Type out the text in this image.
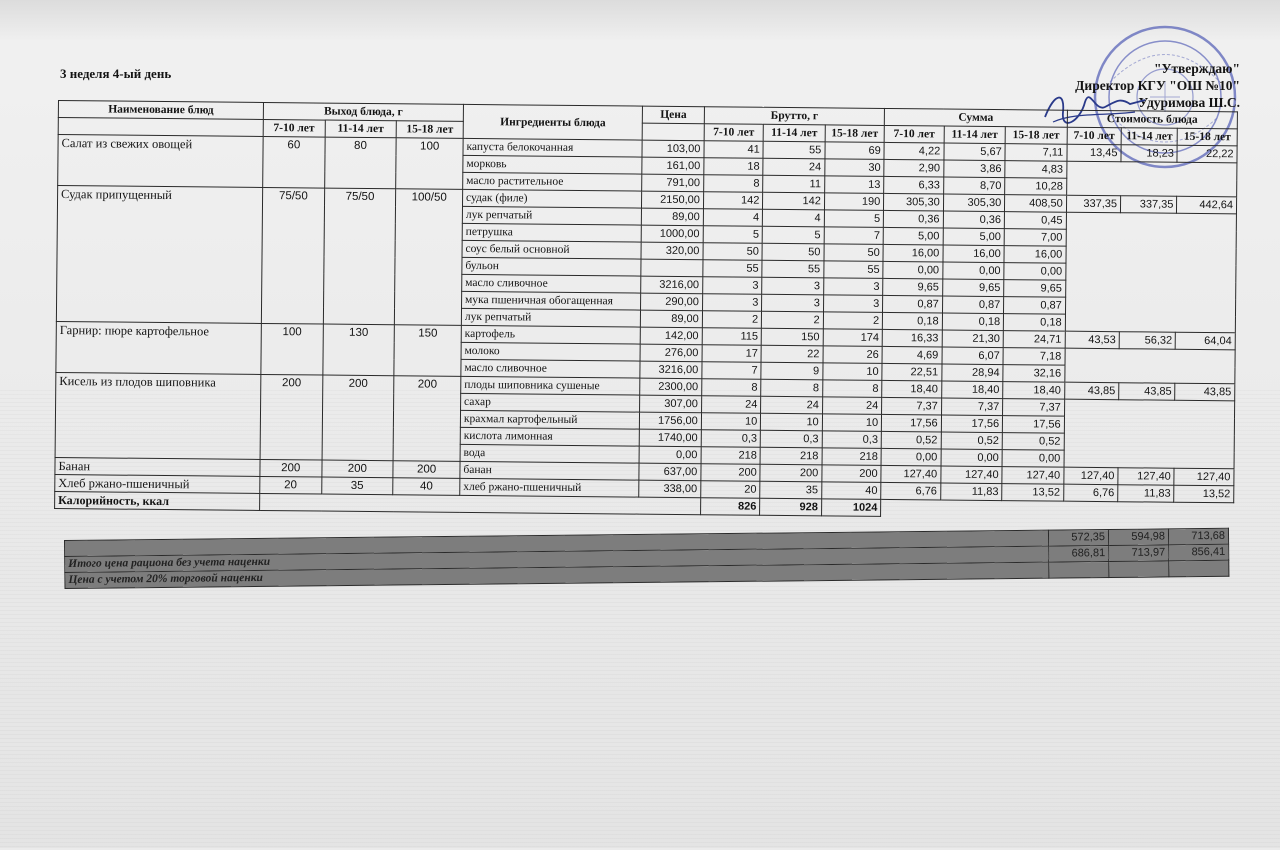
3 неделя 4-ый день	"Утверждаю"
Директор КГУ "ОШ №10"
Удуримова Ш.С.
Наименование блюд	Выход блюда, г			Ингредиенты блюда	Цена	Брутто, г			Сумма			Стоимость блюда		
	7-10 лет	11-14 лет	15-18 лет			7-10 лет	11-14 лет	15-18 лет	7-10 лет	11-14 лет	15-18 лет	7-10 лет	11-14 лет	15-18 лет
Салат из свежих овощей	60	80	100	капуста белокочанная	103,00	41	55	69	4,22	5,67	7,11	13,45	18,23	22,22
				морковь	161,00	18	24	30	2,90	3,86	4,83			
				масло растительное	791,00	8	11	13	6,33	8,70	10,28			
Судак припущенный	75/50	75/50	100/50	судак (филе)	2150,00	142	142	190	305,30	305,30	408,50	337,35	337,35	442,64
				лук репчатый	89,00	4	4	5	0,36	0,36	0,45			
				петрушка	1000,00	5	5	7	5,00	5,00	7,00			
				соус белый основной	320,00	50	50	50	16,00	16,00	16,00			
				бульон		55	55	55	0,00	0,00	0,00			
				масло сливочное	3216,00	3	3	3	9,65	9,65	9,65			
				мука пшеничная обогащенная	290,00	3	3	3	0,87	0,87	0,87			
				лук репчатый	89,00	2	2	2	0,18	0,18	0,18			
Гарнир: пюре картофельное	100	130	150	картофель	142,00	115	150	174	16,33	21,30	24,71	43,53	56,32	64,04
				молоко	276,00	17	22	26	4,69	6,07	7,18			
				масло сливочное	3216,00	7	9	10	22,51	28,94	32,16			
Кисель из плодов шиповника	200	200	200	плоды шиповника сушеные	2300,00	8	8	8	18,40	18,40	18,40	43,85	43,85	43,85
				сахар	307,00	24	24	24	7,37	7,37	7,37			
				крахмал картофельный	1756,00	10	10	10	17,56	17,56	17,56			
				кислота лимонная	1740,00	0,3	0,3	0,3	0,52	0,52	0,52			
				вода	0,00	218	218	218	0,00	0,00	0,00			
Банан	200	200	200	банан	637,00	200	200	200	127,40	127,40	127,40	127,40	127,40	127,40
Хлеб ржано-пшеничный	20	35	40	хлеб ржано-пшеничный	338,00	20	35	40	6,76	11,83	13,52	6,76	11,83	13,52
Калорийность, ккал						826	928	1024						
	572,35	594,98	713,68
Итого цена рациона без учета наценки	686,81	713,97	856,41
Цена с учетом 20% торговой наценки			
